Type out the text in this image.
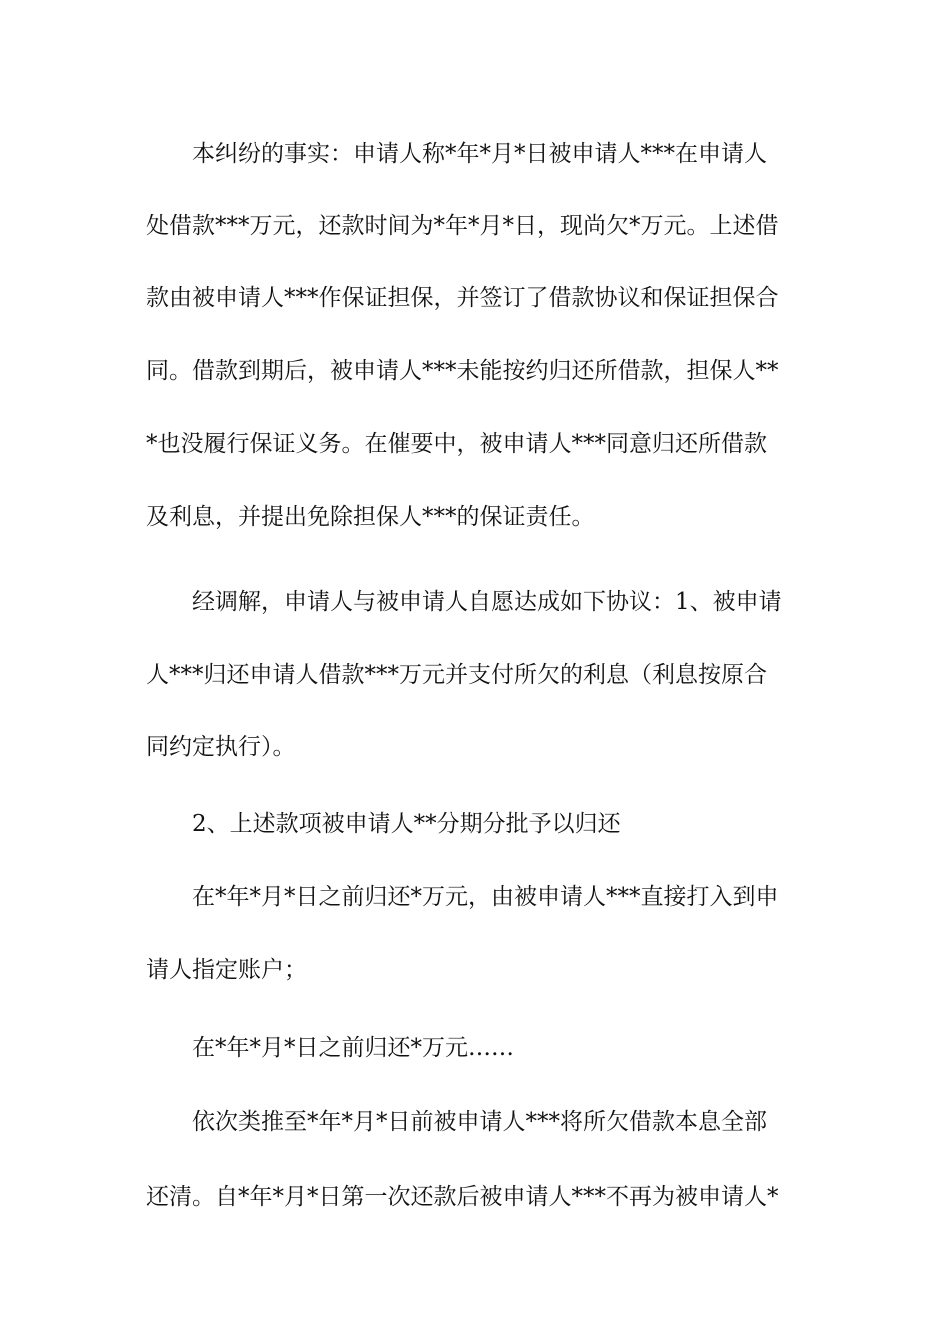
本纠纷的事实：申请人称*年*月*日被申请人***在申请人
处借款***万元，还款时间为*年*月*日，现尚欠*万元。上述借
款由被申请人***作保证担保，并签订了借款协议和保证担保合
同。借款到期后，被申请人***未能按约归还所借款，担保人**
*也没履行保证义务。在催要中，被申请人***同意归还所借款
及利息，并提出免除担保人***的保证责任。
经调解，申请人与被申请人自愿达成如下协议：1、被申请
人***归还申请人借款***万元并支付所欠的利息（利息按原合
同约定执行）。
2、上述款项被申请人**分期分批予以归还
在*年*月*日之前归还*万元，由被申请人***直接打入到申
请人指定账户；
在*年*月*日之前归还*万元……
依次类推至*年*月*日前被申请人***将所欠借款本息全部
还清。自*年*月*日第一次还款后被申请人***不再为被申请人*
